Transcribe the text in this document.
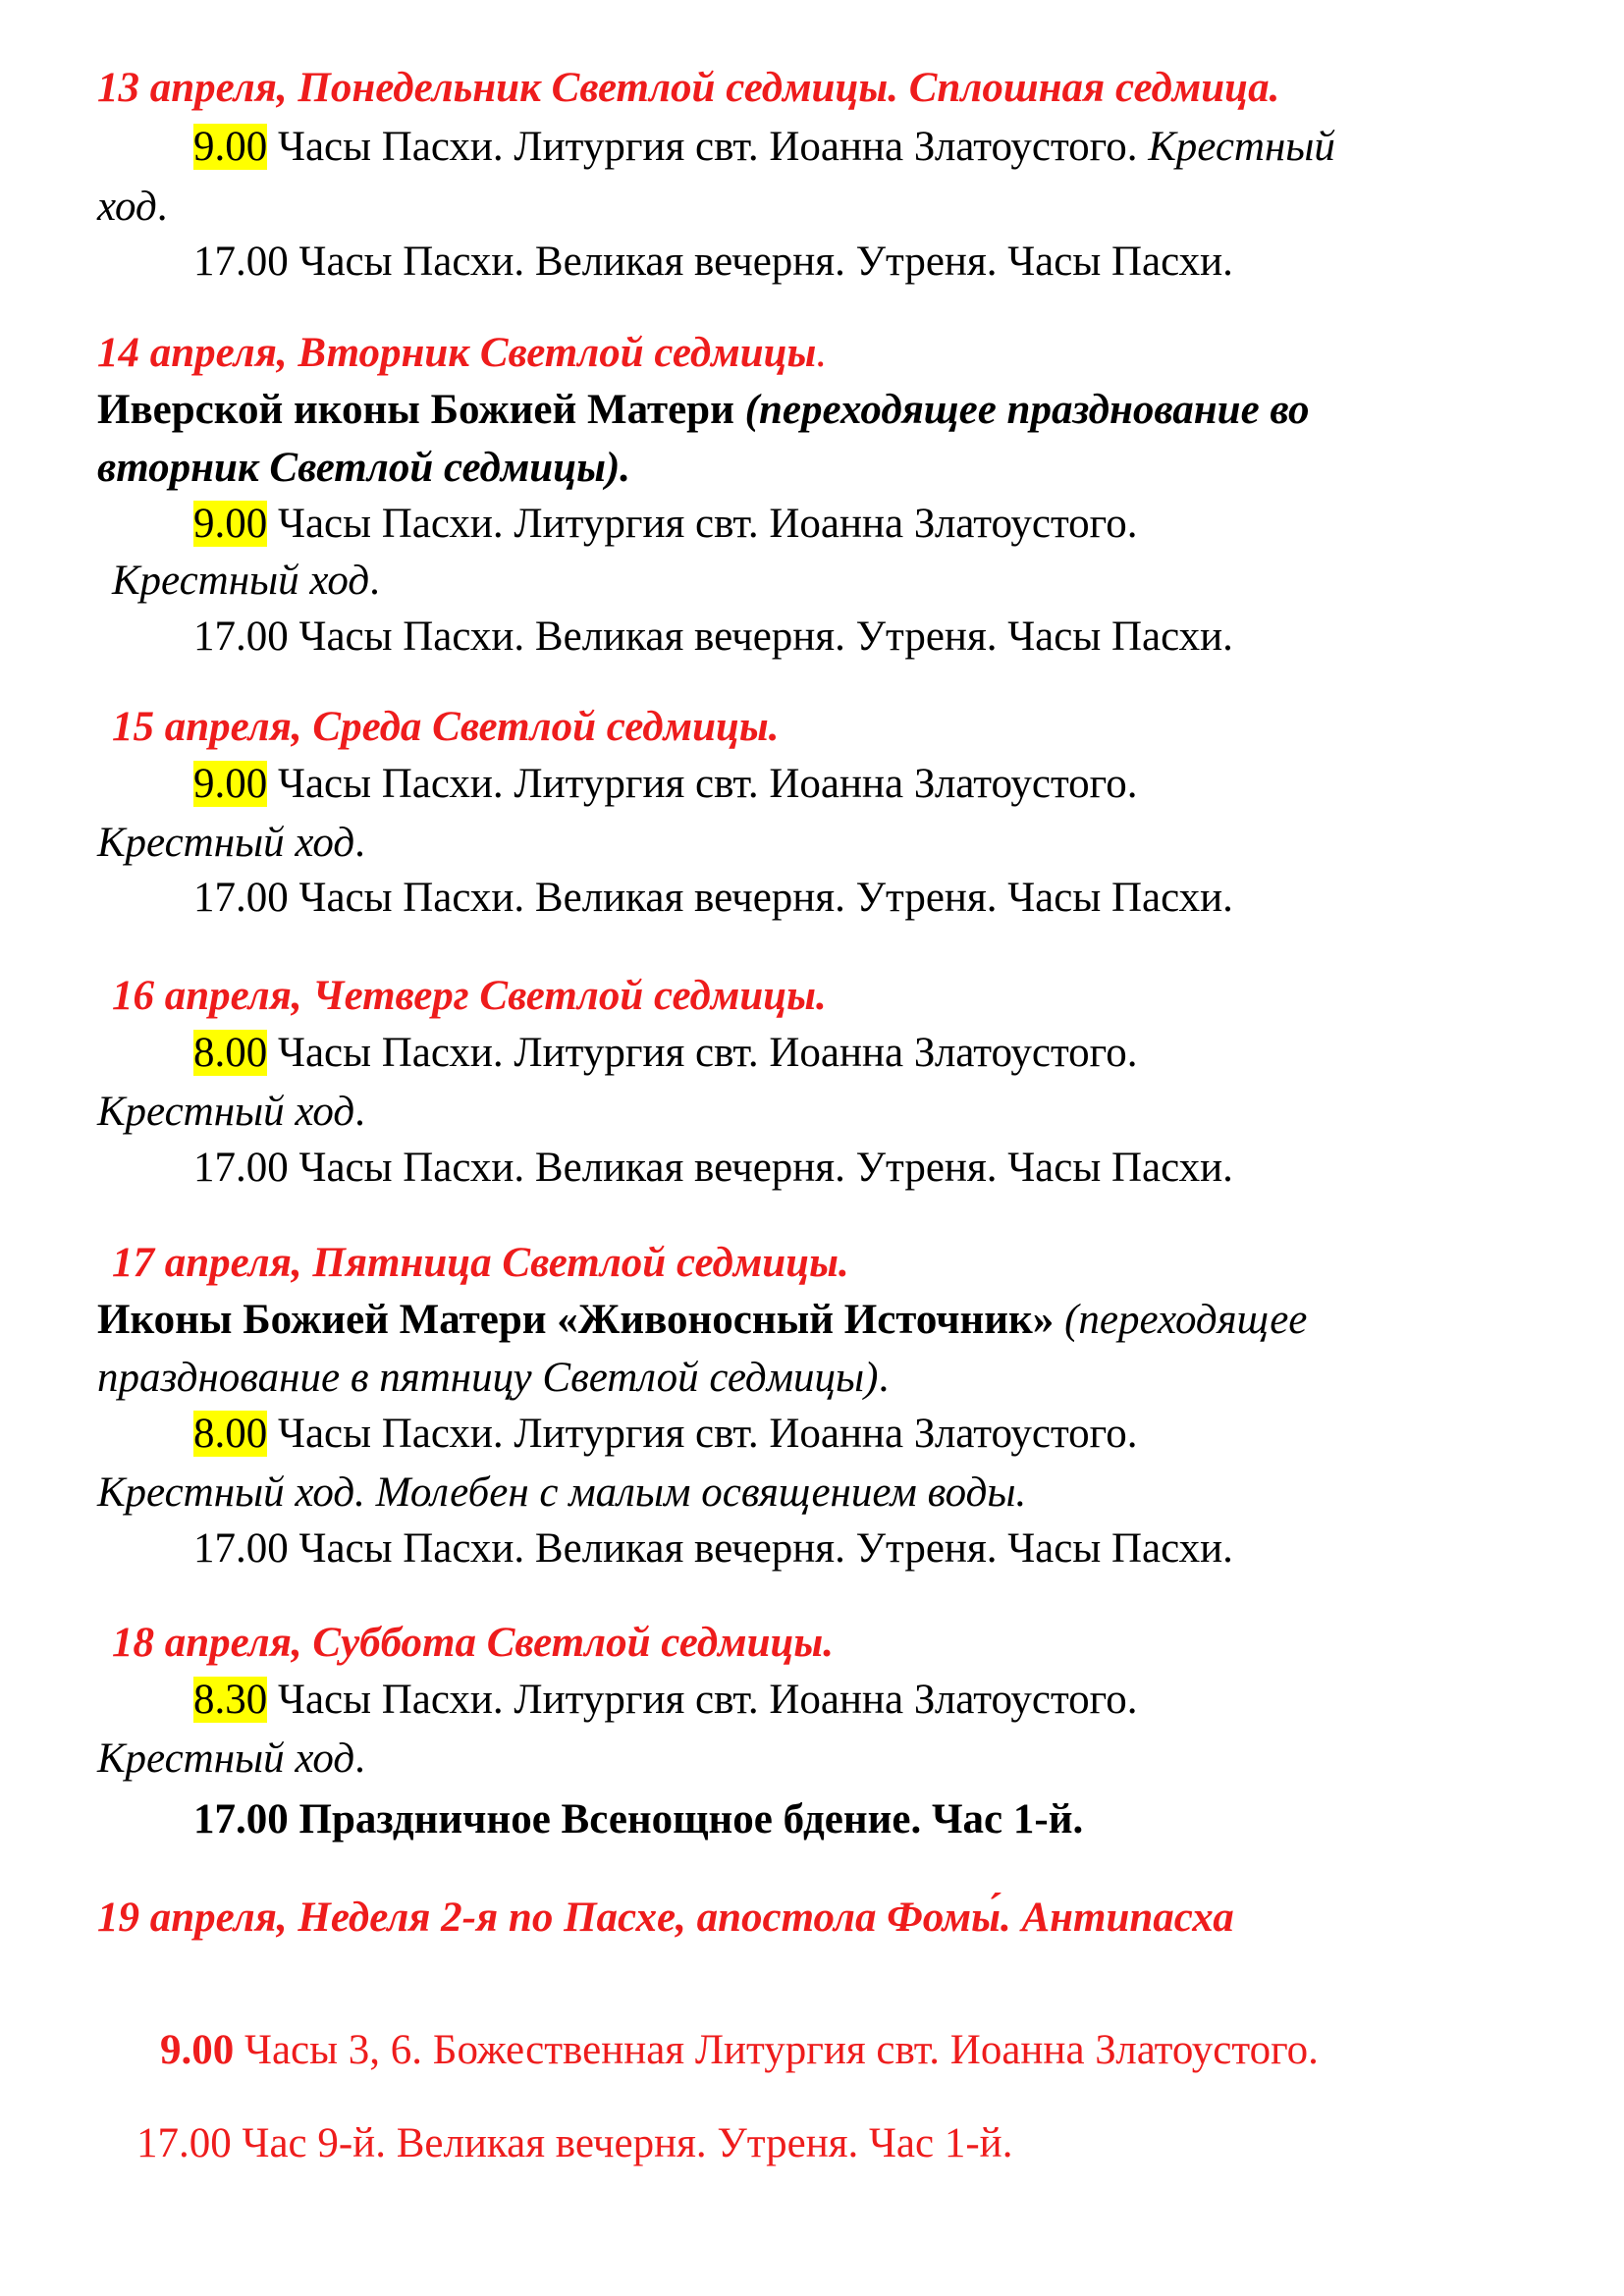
13 апреля, Понедельник Светлой седмицы. Сплошная седмица.
9.00 Часы Пасхи. Литургия свт. Иоанна Златоустого. Крестный
ход.
17.00 Часы Пасхи. Великая вечерня. Утреня. Часы Пасхи.
14 апреля, Вторник Светлой седмицы.
Иверской иконы Божией Матери (переходящее празднование во
вторник Светлой седмицы).
9.00 Часы Пасхи. Литургия свт. Иоанна Златоустого.
Крестный ход.
17.00 Часы Пасхи. Великая вечерня. Утреня. Часы Пасхи.
15 апреля, Среда Светлой седмицы.
9.00 Часы Пасхи. Литургия свт. Иоанна Златоустого.
Крестный ход.
17.00 Часы Пасхи. Великая вечерня. Утреня. Часы Пасхи.
16 апреля, Четверг Светлой седмицы.
8.00 Часы Пасхи. Литургия свт. Иоанна Златоустого.
Крестный ход.
17.00 Часы Пасхи. Великая вечерня. Утреня. Часы Пасхи.
17 апреля, Пятница Светлой седмицы.
Иконы Божией Матери «Живоносный Источник» (переходящее
празднование в пятницу Светлой седмицы).
8.00 Часы Пасхи. Литургия свт. Иоанна Златоустого.
Крестный ход. Молебен с малым освящением воды.
17.00 Часы Пасхи. Великая вечерня. Утреня. Часы Пасхи.
18 апреля, Суббота Светлой седмицы.
8.30 Часы Пасхи. Литургия свт. Иоанна Златоустого.
Крестный ход.
17.00 Праздничное Всенощное бдение. Час 1-й.
19 апреля, Неделя 2-я по Пасхе, апостола Фомы́. Антипасха
9.00 Часы 3, 6. Божественная Литургия свт. Иоанна Златоустого.
17.00 Час 9-й. Великая вечерня. Утреня. Час 1-й.
